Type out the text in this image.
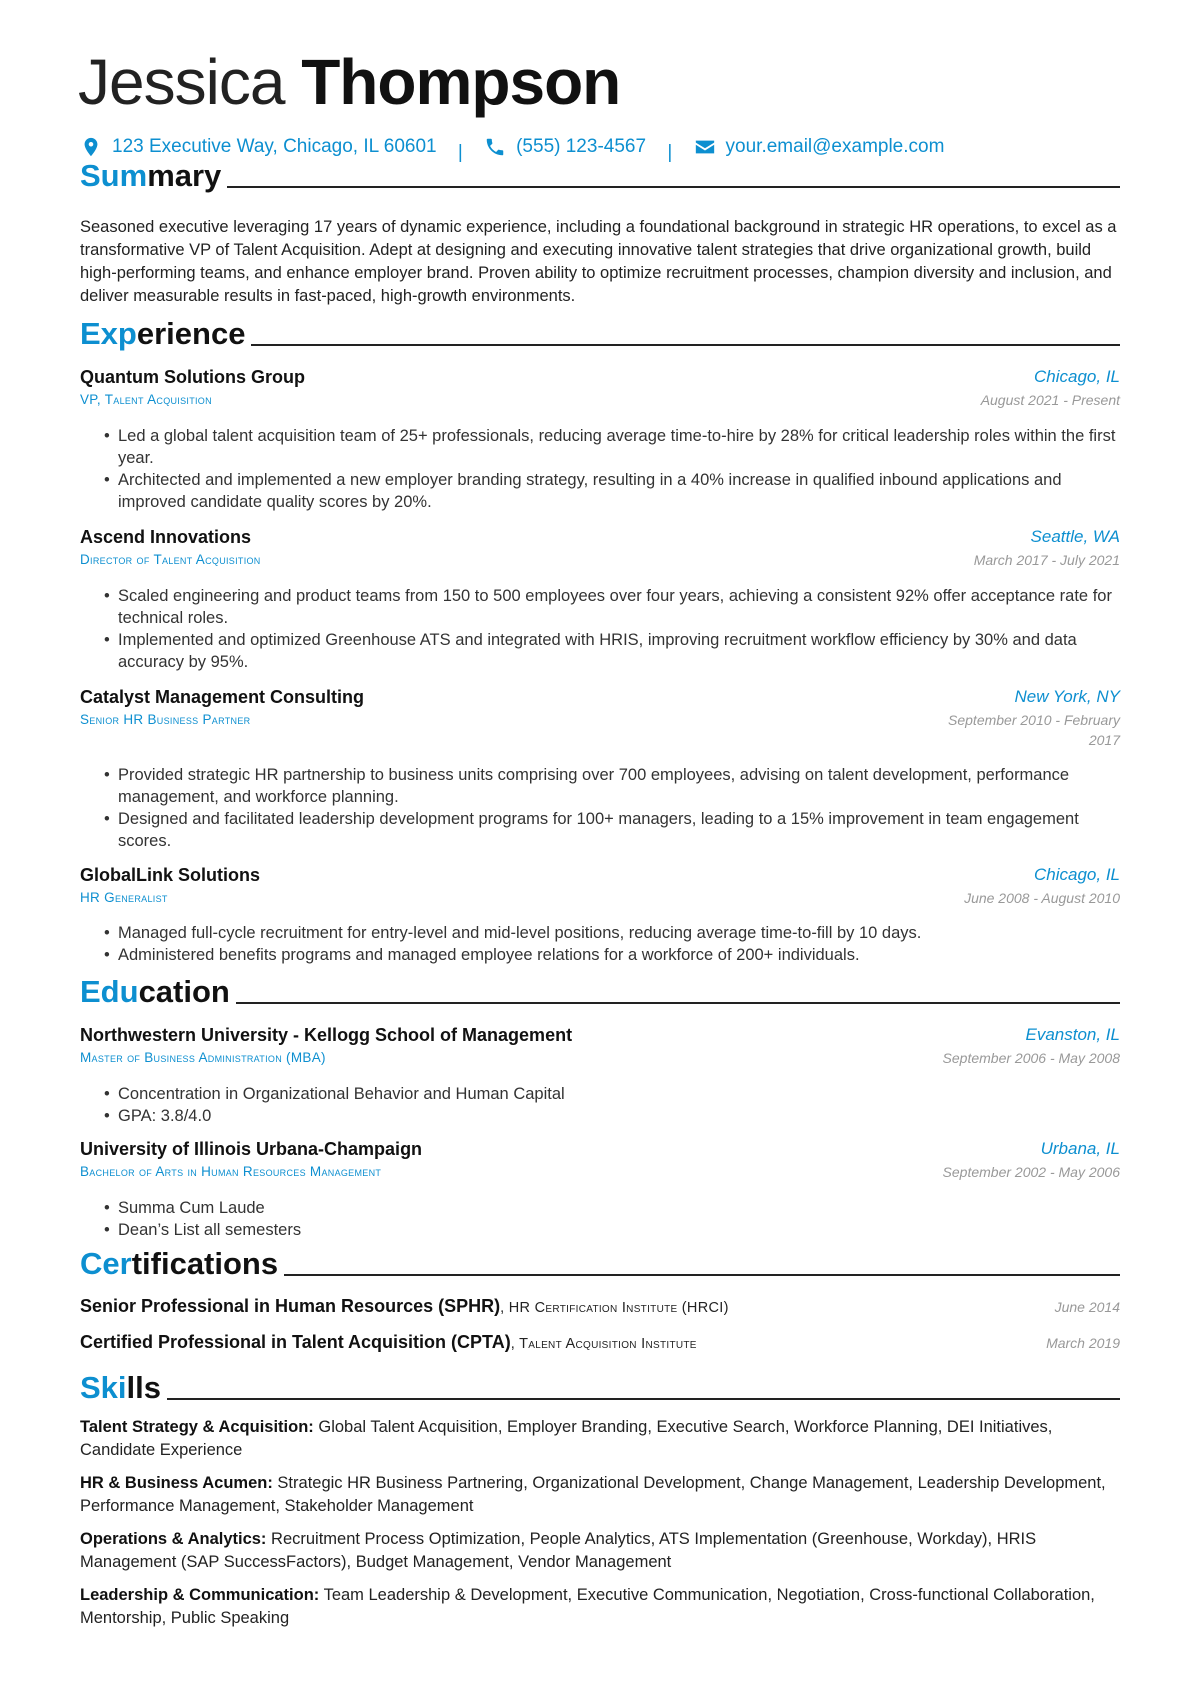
Jessica Thompson
123 Executive Way, Chicago, IL 60601 |	(555) 123-4567 |	your.email@example.com
Summary
Seasoned executive leveraging 17 years of dynamic experience, including a foundational background in strategic HR operations, to excel as a transformative VP of Talent Acquisition. Adept at designing and executing innovative talent strategies that drive organizational growth, build high-performing teams, and enhance employer brand. Proven ability to optimize recruitment processes, champion diversity and inclusion, and deliver measurable results in fast-paced, high-growth environments.
Experience
Quantum Solutions Group	Chicago, IL
VP, Talent Acquisition	August 2021 - Present
• Led a global talent acquisition team of 25+ professionals, reducing average time-to-hire by 28% for critical leadership roles within the first year.
• Architected and implemented a new employer branding strategy, resulting in a 40% increase in qualified inbound applications and improved candidate quality scores by 20%.
Ascend Innovations	Seattle, WA
Director of Talent Acquisition	March 2017 - July 2021
• Scaled engineering and product teams from 150 to 500 employees over four years, achieving a consistent 92% offer acceptance rate for technical roles.
• Implemented and optimized Greenhouse ATS and integrated with HRIS, improving recruitment workflow efficiency by 30% and data accuracy by 95%.
Catalyst Management Consulting	New York, NY
Senior HR Business Partner	September 2010 - February
2017
• Provided strategic HR partnership to business units comprising over 700 employees, advising on talent development, performance management, and workforce planning.
• Designed and facilitated leadership development programs for 100+ managers, leading to a 15% improvement in team engagement scores.
GlobalLink Solutions	Chicago, IL
HR Generalist	June 2008 - August 2010
• Managed full-cycle recruitment for entry-level and mid-level positions, reducing average time-to-fill by 10 days.
• Administered benefits programs and managed employee relations for a workforce of 200+ individuals.
Education
Northwestern University - Kellogg School of Management	Evanston, IL
Master of Business Administration (MBA)	September 2006 - May 2008
• Concentration in Organizational Behavior and Human Capital
• GPA: 3.8/4.0
University of Illinois Urbana-Champaign	Urbana, IL
Bachelor of Arts in Human Resources Management	September 2002 - May 2006
• Summa Cum Laude
• Dean’s List all semesters
Certifications
Senior Professional in Human Resources (SPHR), HR Certification Institute (HRCI)	June 2014
Certified Professional in Talent Acquisition (CPTA), Talent Acquisition Institute	March 2019
Skills
Talent Strategy & Acquisition: Global Talent Acquisition, Employer Branding, Executive Search, Workforce Planning, DEI Initiatives, Candidate Experience
HR & Business Acumen: Strategic HR Business Partnering, Organizational Development, Change Management, Leadership Development, Performance Management, Stakeholder Management
Operations & Analytics: Recruitment Process Optimization, People Analytics, ATS Implementation (Greenhouse, Workday), HRIS Management (SAP SuccessFactors), Budget Management, Vendor Management
Leadership & Communication: Team Leadership & Development, Executive Communication, Negotiation, Cross-functional Collaboration, Mentorship, Public Speaking
